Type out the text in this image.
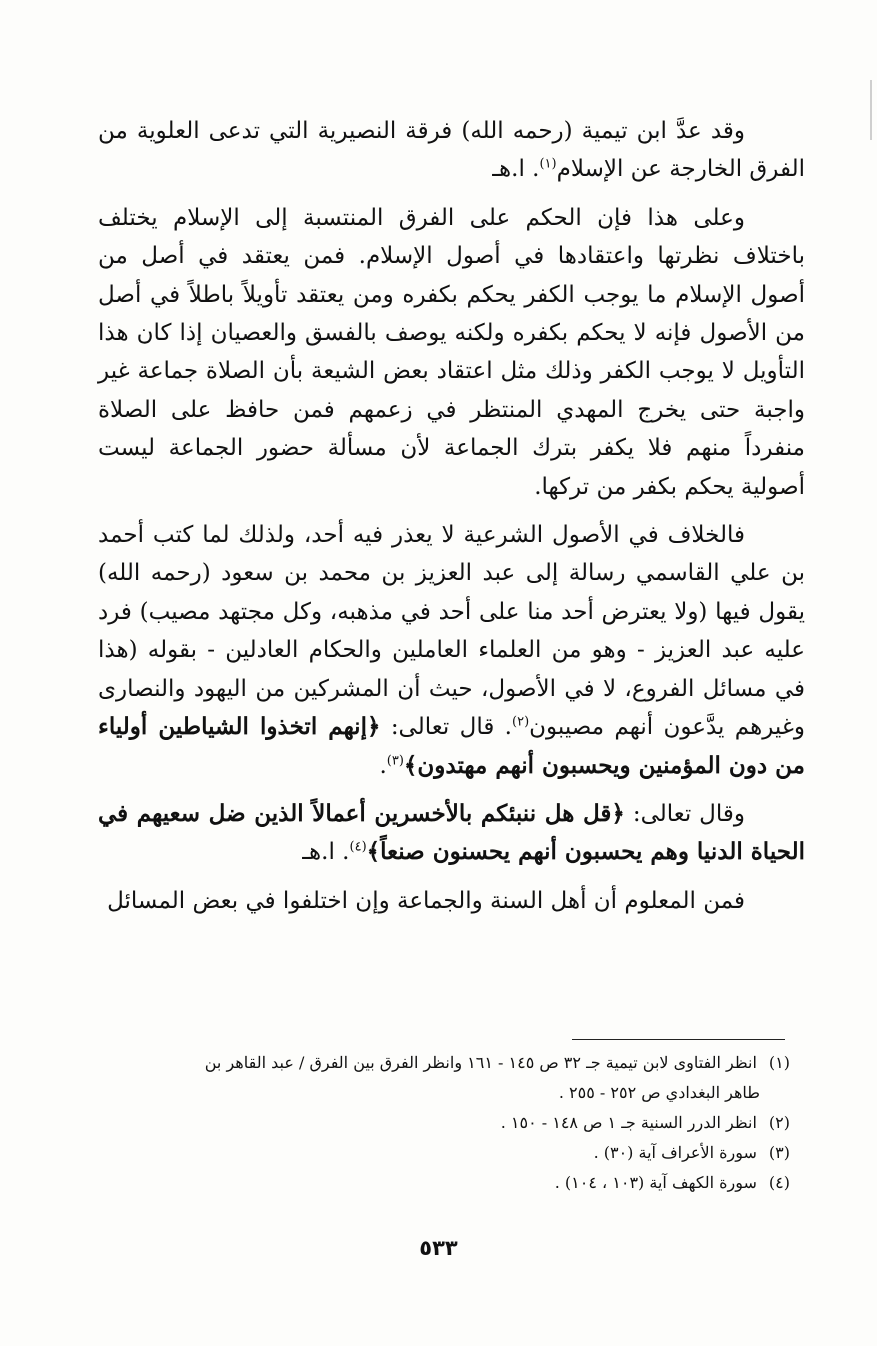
وقد عدَّ ابن تيمية (رحمه الله) فرقة النصيرية التي تدعى العلوية من الفرق الخارجة عن الإسلام$^{(١)}$. ا.هـ

وعلى هذا فإن الحكم على الفرق المنتسبة إلى الإسلام يختلف باختلاف نظرتها واعتقادها في أصول الإسلام. فمن يعتقد في أصل من أصول الإسلام ما يوجب الكفر يحكم بكفره ومن يعتقد تأويلاً باطلاً في أصل من الأصول فإنه لا يحكم بكفره ولكنه يوصف بالفسق والعصيان إذا كان هذا التأويل لا يوجب الكفر وذلك مثل اعتقاد بعض الشيعة بأن الصلاة جماعة غير واجبة حتى يخرج المهدي المنتظر في زعمهم فمن حافظ على الصلاة منفرداً منهم فلا يكفر بترك الجماعة لأن مسألة حضور الجماعة ليست أصولية يحكم بكفر من تركها.

فالخلاف في الأصول الشرعية لا يعذر فيه أحد، ولذلك لما كتب أحمد بن علي القاسمي رسالة إلى عبد العزيز بن محمد بن سعود (رحمه الله) يقول فيها (ولا يعترض أحد منا على أحد في مذهبه، وكل مجتهد مصيب) فرد عليه عبد العزيز - وهو من العلماء العاملين والحكام العادلين - بقوله (هذا في مسائل الفروع، لا في الأصول، حيث أن المشركين من اليهود والنصارى وغيرهم يدَّعون أنهم مصيبون$^{(٢)}$. قال تعالى: ﴿إنهم اتخذوا الشياطين أولياء من دون المؤمنين ويحسبون أنهم مهتدون﴾$^{(٣)}$.

وقال تعالى: ﴿قل هل ننبئكم بالأخسرين أعمالاً الذين ضل سعيهم في الحياة الدنيا وهم يحسبون أنهم يحسنون صنعاً﴾$^{(٤)}$. ا.هـ

فمن المعلوم أن أهل السنة والجماعة وإن اختلفوا في بعض المسائل

(١) انظر الفتاوى لابن تيمية جـ ٣٢ ص ١٤٥ - ١٦١ وانظر الفرق بين الفرق / عبد القاهر بن
طاهر البغدادي ص ٢٥٢ - ٢٥٥ .

(٢) انظر الدرر السنية جـ ١ ص ١٤٨ - ١٥٠ .

(٣) سورة الأعراف آية (٣٠) .

(٤) سورة الكهف آية (١٠٣ ، ١٠٤) .

٥٣٣
